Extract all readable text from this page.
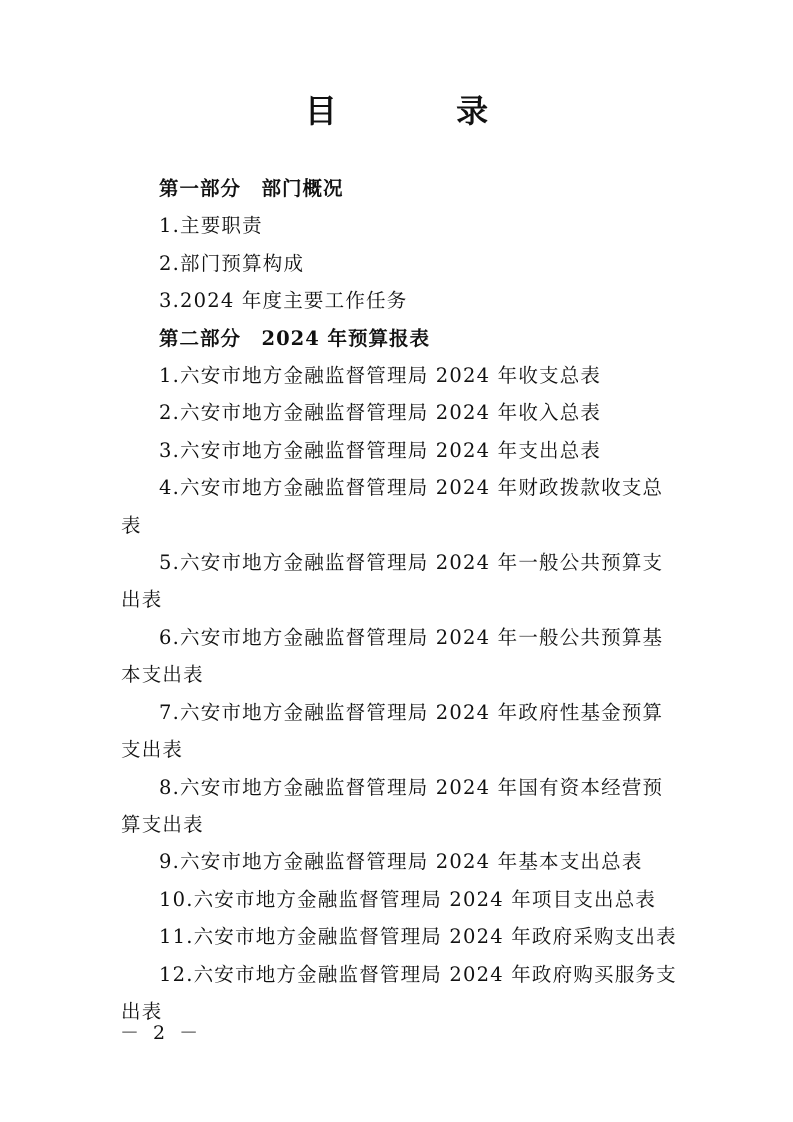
目 录
第一部分　部门概况
1.主要职责
2.部门预算构成
3.2024 年度主要工作任务
第二部分　2024 年预算报表
1.六安市地方金融监督管理局 2024 年收支总表
2.六安市地方金融监督管理局 2024 年收入总表
3.六安市地方金融监督管理局 2024 年支出总表
4.六安市地方金融监督管理局 2024 年财政拨款收支总表
5.六安市地方金融监督管理局 2024 年一般公共预算支出表
6.六安市地方金融监督管理局 2024 年一般公共预算基本支出表
7.六安市地方金融监督管理局 2024 年政府性基金预算支出表
8.六安市地方金融监督管理局 2024 年国有资本经营预算支出表
9.六安市地方金融监督管理局 2024 年基本支出总表
10.六安市地方金融监督管理局 2024 年项目支出总表
11.六安市地方金融监督管理局 2024 年政府采购支出表
12.六安市地方金融监督管理局 2024 年政府购买服务支出表

－ 2 －
